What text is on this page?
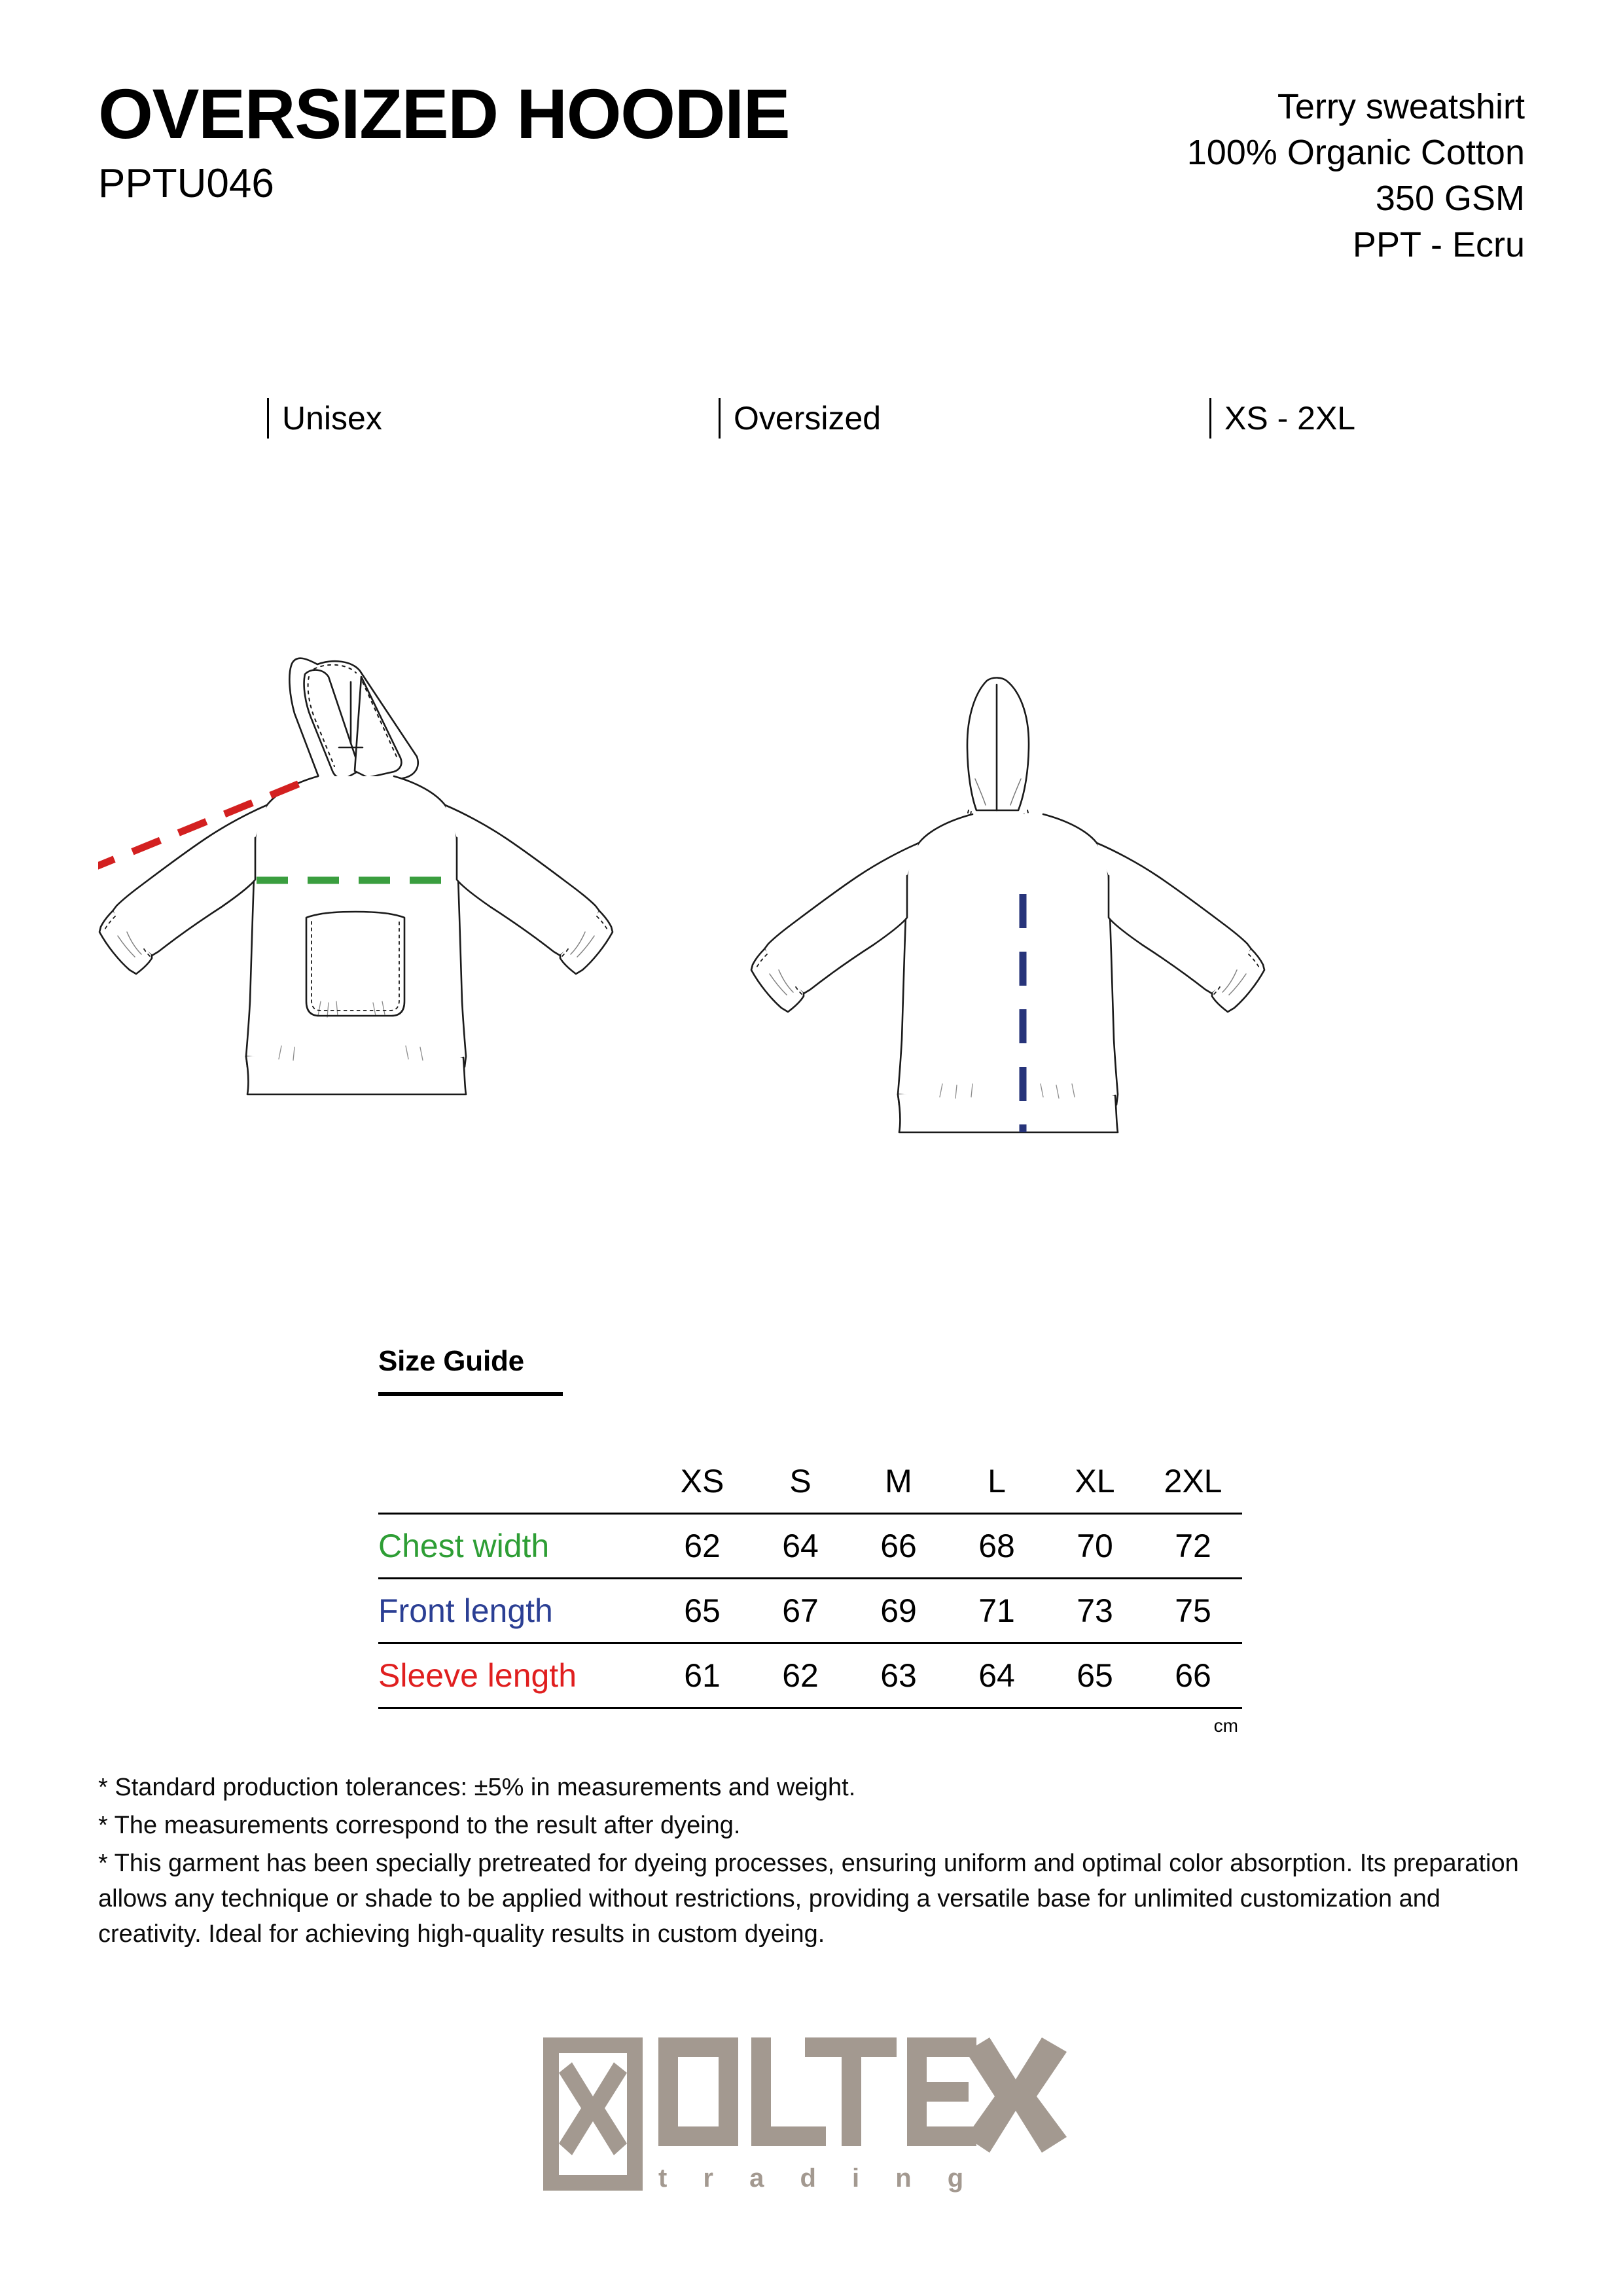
OVERSIZED HOODIE
PPTU046
Terry sweatshirt
100% Organic Cotton
350 GSM
PPT - Ecru
Unisex	Oversized	XS - 2XL
Size Guide
	XS	S	M	L	XL	2XL
Chest width	62	64	66	68	70	72
Front length	65	67	69	71	73	75
Sleeve length	61	62	63	64	65	66
cm

* Standard production tolerances: ±5% in measurements and weight.

* The measurements correspond to the result after dyeing.

* This garment has been specially pretreated for dyeing processes, ensuring uniform and optimal color absorption. Its preparation allows any technique or shade to be applied without restrictions, providing a versatile base for unlimited customization and creativity. Ideal for achieving high-quality results in custom dyeing.

t r a d i n g
